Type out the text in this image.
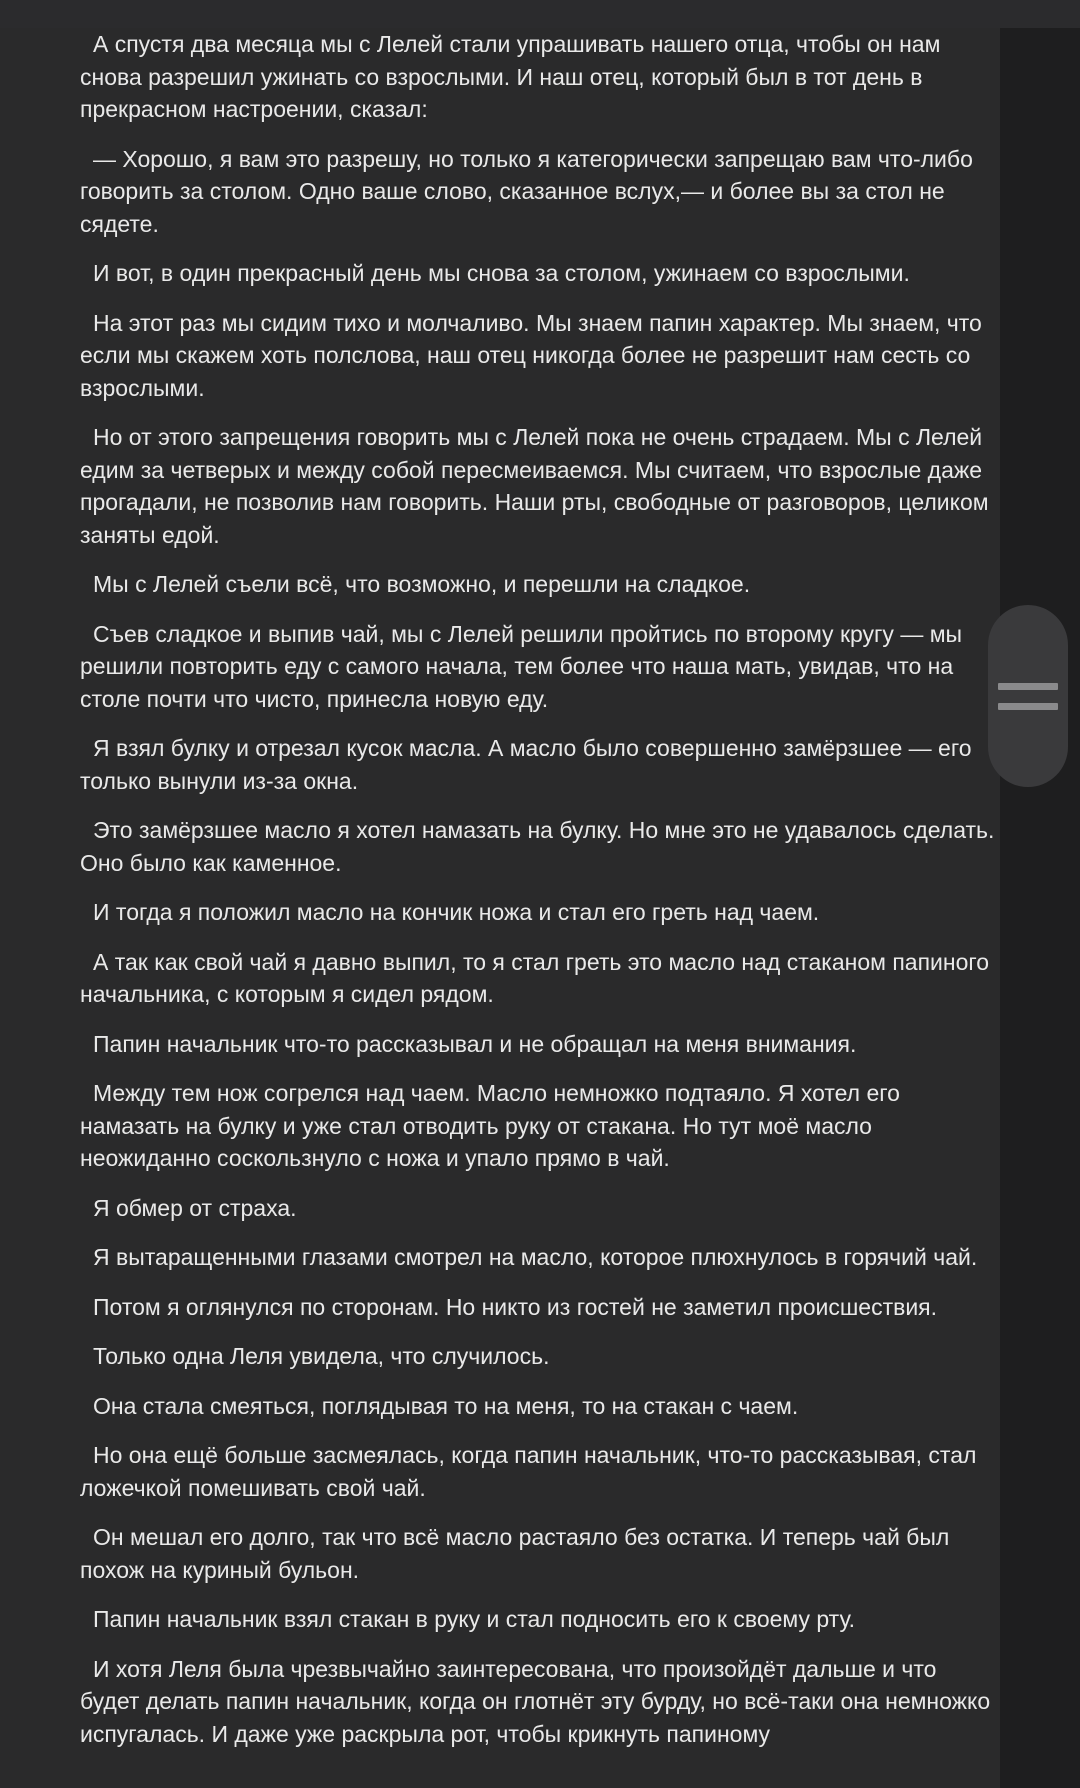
А спустя два месяца мы с Лелей стали упрашивать нашего отца, чтобы он нам снова разрешил ужинать со взрослыми. И наш отец, который был в тот день в прекрасном настроении, сказал:

— Хорошо, я вам это разрешу, но только я категорически запрещаю вам что-либо говорить за столом. Одно ваше слово, сказанное вслух,— и более вы за стол не сядете.

И вот, в один прекрасный день мы снова за столом, ужинаем со взрослыми.

На этот раз мы сидим тихо и молчаливо. Мы знаем папин характер. Мы знаем, что если мы скажем хоть полслова, наш отец никогда более не разрешит нам сесть со взрослыми.

Но от этого запрещения говорить мы с Лелей пока не очень страдаем. Мы с Лелей едим за четверых и между собой пересмеиваемся. Мы считаем, что взрослые даже прогадали, не позволив нам говорить. Наши рты, свободные от разговоров, целиком заняты едой.

Мы с Лелей съели всё, что возможно, и перешли на сладкое.

Съев сладкое и выпив чай, мы с Лелей решили пройтись по второму кругу — мы решили повторить еду с самого начала, тем более что наша мать, увидав, что на столе почти что чисто, принесла новую еду.

Я взял булку и отрезал кусок масла. А масло было совершенно замёрзшее — его только вынули из-за окна.

Это замёрзшее масло я хотел намазать на булку. Но мне это не удавалось сделать. Оно было как каменное.

И тогда я положил масло на кончик ножа и стал его греть над чаем.

А так как свой чай я давно выпил, то я стал греть это масло над стаканом папиного начальника, с которым я сидел рядом.

Папин начальник что-то рассказывал и не обращал на меня внимания.

Между тем нож согрелся над чаем. Масло немножко подтаяло. Я хотел его намазать на булку и уже стал отводить руку от стакана. Но тут моё масло неожиданно соскользнуло с ножа и упало прямо в чай.

Я обмер от страха.

Я вытаращенными глазами смотрел на масло, которое плюхнулось в горячий чай.

Потом я оглянулся по сторонам. Но никто из гостей не заметил происшествия.

Только одна Леля увидела, что случилось.

Она стала смеяться, поглядывая то на меня, то на стакан с чаем.

Но она ещё больше засмеялась, когда папин начальник, что-то рассказывая, стал ложечкой помешивать свой чай.

Он мешал его долго, так что всё масло растаяло без остатка. И теперь чай был похож на куриный бульон.

Папин начальник взял стакан в руку и стал подносить его к своему рту.

И хотя Леля была чрезвычайно заинтересована, что произойдёт дальше и что будет делать папин начальник, когда он глотнёт эту бурду, но всё-таки она немножко испугалась. И даже уже раскрыла рот, чтобы крикнуть папиному
